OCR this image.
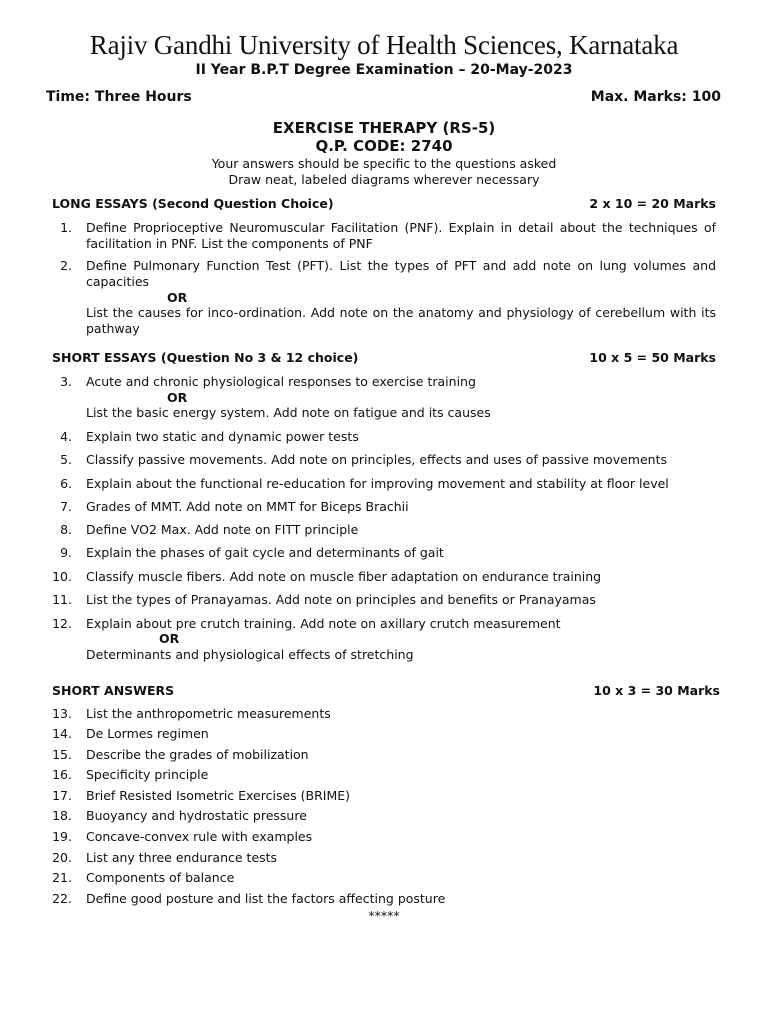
Rajiv Gandhi University of Health Sciences, Karnataka
II Year B.P.T Degree Examination – 20-May-2023
Time: Three Hours	Max. Marks: 100
EXERCISE THERAPY (RS-5)
Q.P. CODE: 2740
Your answers should be specific to the questions asked
Draw neat, labeled diagrams wherever necessary
LONG ESSAYS (Second Question Choice)	2 x 10 = 20 Marks
1. Define Proprioceptive Neuromuscular Facilitation (PNF). Explain in detail about the techniques of facilitation in PNF. List the components of PNF
2. Define Pulmonary Function Test (PFT). List the types of PFT and add note on lung volumes and capacities
OR
List the causes for inco-ordination. Add note on the anatomy and physiology of cerebellum with its pathway
SHORT ESSAYS (Question No 3 & 12 choice)	10 x 5 = 50 Marks
3. Acute and chronic physiological responses to exercise training
OR
List the basic energy system. Add note on fatigue and its causes
4. Explain two static and dynamic power tests
5. Classify passive movements. Add note on principles, effects and uses of passive movements
6. Explain about the functional re-education for improving movement and stability at floor level
7. Grades of MMT. Add note on MMT for Biceps Brachii
8. Define VO2 Max. Add note on FITT principle
9. Explain the phases of gait cycle and determinants of gait
10. Classify muscle fibers. Add note on muscle fiber adaptation on endurance training
11. List the types of Pranayamas. Add note on principles and benefits or Pranayamas
12. Explain about pre crutch training. Add note on axillary crutch measurement
OR
Determinants and physiological effects of stretching
SHORT ANSWERS	10 x 3 = 30 Marks
13. List the anthropometric measurements
14. De Lormes regimen
15. Describe the grades of mobilization
16. Specificity principle
17. Brief Resisted Isometric Exercises (BRIME)
18. Buoyancy and hydrostatic pressure
19. Concave-convex rule with examples
20. List any three endurance tests
21. Components of balance
22. Define good posture and list the factors affecting posture
*****
